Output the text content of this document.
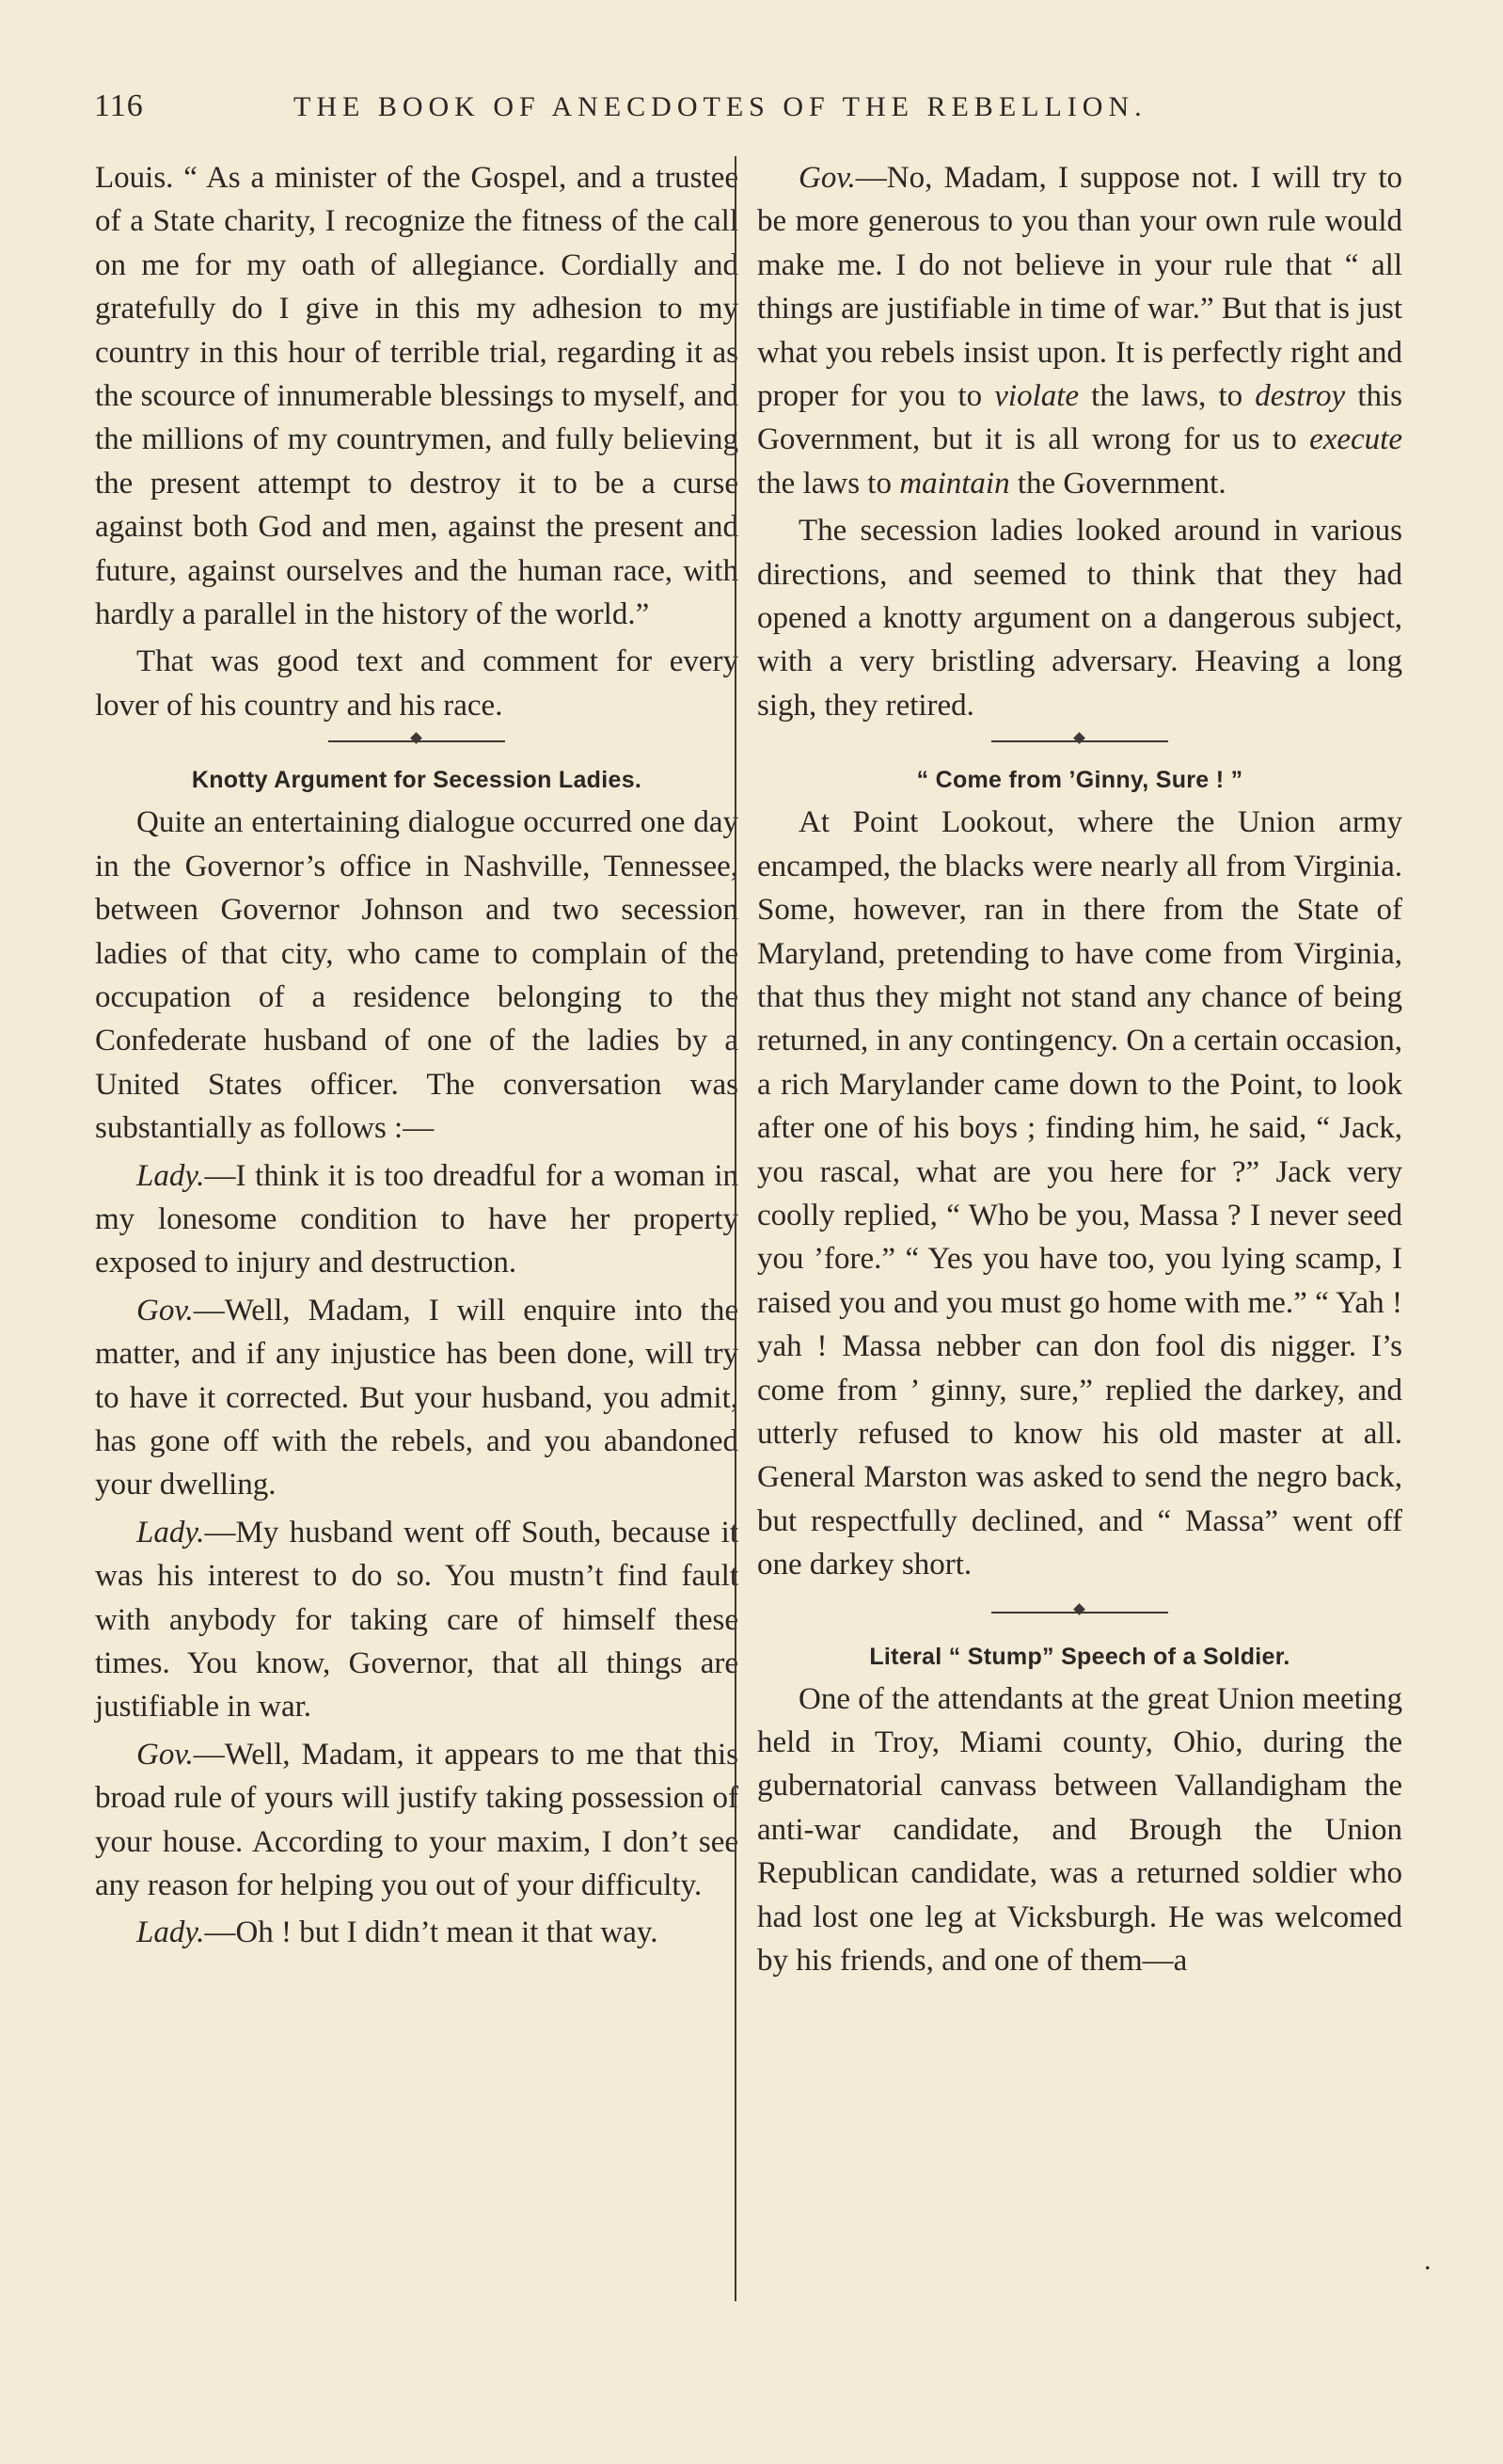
116	THE BOOK OF ANECDOTES OF THE REBELLION.

Louis. “ As a minister of the Gospel, and a trustee of a State charity, I recognize the fitness of the call on me for my oath of allegiance. Cordially and gratefully do I give in this my adhesion to my country in this hour of terrible trial, regarding it as the scource of innumerable blessings to myself, and the millions of my countrymen, and fully believing the present attempt to destroy it to be a curse against both God and men, against the present and future, against ourselves and the human race, with hardly a parallel in the history of the world.”

That was good text and comment for every lover of his country and his race.

Knotty Argument for Secession Ladies.

Quite an entertaining dialogue occurred one day in the Governor’s office in Nashville, Tennessee, between Governor Johnson and two secession ladies of that city, who came to complain of the occupation of a residence belonging to the Confederate husband of one of the ladies by a United States officer. The conversation was substantially as follows :—

Lady.—I think it is too dreadful for a woman in my lonesome condition to have her property exposed to injury and destruction.

Gov.—Well, Madam, I will enquire into the matter, and if any injustice has been done, will try to have it corrected. But your husband, you admit, has gone off with the rebels, and you abandoned your dwelling.

Lady.—My husband went off South, because it was his interest to do so. You mustn’t find fault with anybody for taking care of himself these times. You know, Governor, that all things are justifiable in war.

Gov.—Well, Madam, it appears to me that this broad rule of yours will justify taking possession of your house. According to your maxim, I don’t see any reason for helping you out of your difficulty.

Lady.—Oh ! but I didn’t mean it that way.

Gov.—No, Madam, I suppose not. I will try to be more generous to you than your own rule would make me. I do not believe in your rule that “ all things are justifiable in time of war.” But that is just what you rebels insist upon. It is perfectly right and proper for you to violate the laws, to destroy this Government, but it is all wrong for us to execute the laws to maintain the Government.

The secession ladies looked around in various directions, and seemed to think that they had opened a knotty argument on a dangerous subject, with a very bristling adversary. Heaving a long sigh, they retired.

“ Come from ’Ginny, Sure ! ”

At Point Lookout, where the Union army encamped, the blacks were nearly all from Virginia. Some, however, ran in there from the State of Maryland, pretending to have come from Virginia, that thus they might not stand any chance of being returned, in any contingency. On a certain occasion, a rich Marylander came down to the Point, to look after one of his boys ; finding him, he said, “ Jack, you rascal, what are you here for ?” Jack very coolly replied, “ Who be you, Massa ? I never seed you ’fore.” “ Yes you have too, you lying scamp, I raised you and you must go home with me.” “ Yah ! yah ! Massa nebber can don fool dis nigger. I’s come from ’ ginny, sure,” replied the darkey, and utterly refused to know his old master at all. General Marston was asked to send the negro back, but respectfully declined, and “ Massa” went off one darkey short.

Literal “ Stump” Speech of a Soldier.

One of the attendants at the great Union meeting held in Troy, Miami county, Ohio, during the gubernatorial canvass between Vallandigham the anti-war candidate, and Brough the Union Republican candidate, was a returned soldier who had lost one leg at Vicksburgh. He was welcomed by his friends, and one of them—a

.
